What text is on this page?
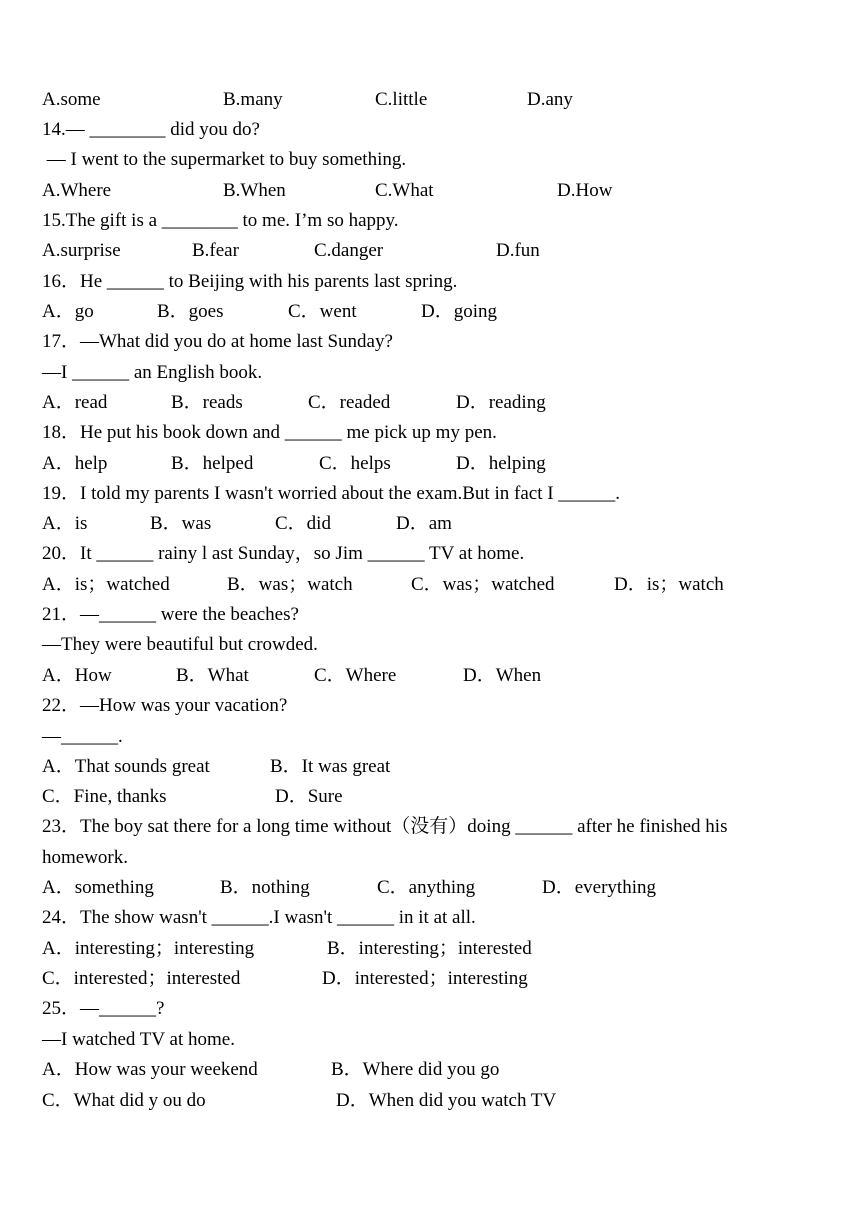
A.some	B.many	C.little	D.any
14.— ________ did you do?
— I went to the supermarket to buy something.
A.Where	B.When	C.What	D.How
15.The gift is a ________ to me. I’m so happy.
A.surprise	B.fear	C.danger	D.fun
16．He ______ to Beijing with his parents last spring.
A．go	B．goes	C．went	D．going
17．—What did you do at home last Sunday?
—I ______ an English book.
A．read	B．reads	C．readed	D．reading
18．He put his book down and ______ me pick up my pen.
A．help	B．helped	C．helps	D．helping
19．I told my parents I wasn't worried about the exam.But in fact I ______.
A．is	B．was	C．did	D．am
20．It ______ rainy l ast Sunday，so Jim ______ TV at home.
A．is；watched	B．was；watch	C．was；watched	D．is；watch
21．—______ were the beaches?
—They were beautiful but crowded.
A．How	B．What	C．Where	D．When
22．—How was your vacation?
—______.
A．That sounds great	B．It was great
C．Fine, thanks	D．Sure
23．The boy sat there for a long time without（没有）doing ______ after he finished his
homework.
A．something	B．nothing	C．anything	D．everything
24．The show wasn't ______.I wasn't ______ in it at all.
A．interesting；interesting	B．interesting；interested
C．interested；interested	D．interested；interesting
25．—______?
—I watched TV at home.
A．How was your weekend	B．Where did you go
C．What did y ou do	D．When did you watch TV
